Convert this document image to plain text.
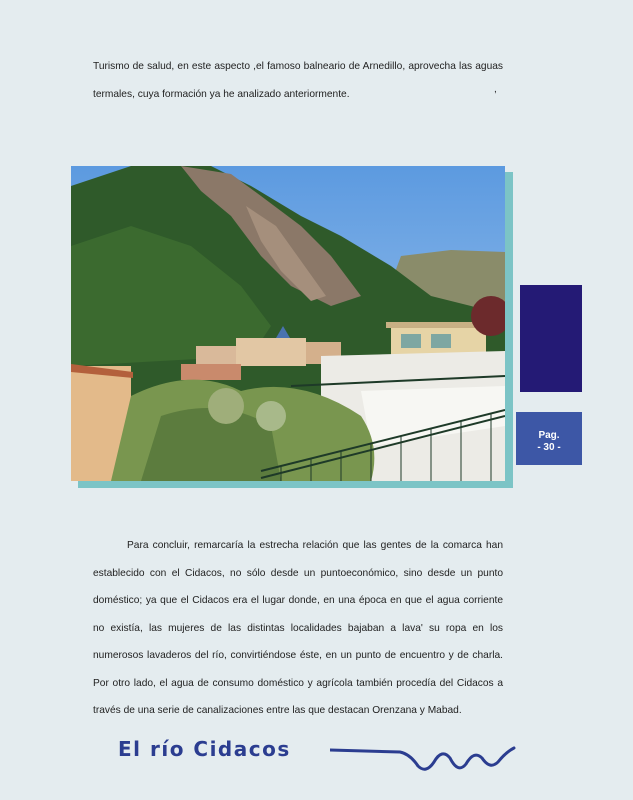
Turismo de salud, en este aspecto ,el famoso balneario de Arnedillo, aprovecha las aguas termales, cuya formación ya he analizado anteriormente.	,
Pag.
- 30 -

Para concluir, remarcaría la estrecha relación que las gentes de la comarca han establecido con el Cidacos, no sólo desde un puntoeconómico, sino desde un punto doméstico; ya que el Cidacos era el lugar donde, en una época en que el agua corriente no existía, las mujeres de las distintas localidades bajaban a lava' su ropa en los numerosos lavaderos del río, convirtiéndose éste, en un punto de encuentro y de charla. Por otro lado, el agua de consumo doméstico y agrícola también procedía del Cidacos a través de una serie de canalizaciones entre las que destacan Orenzana y Mabad.

El río Cidacos
